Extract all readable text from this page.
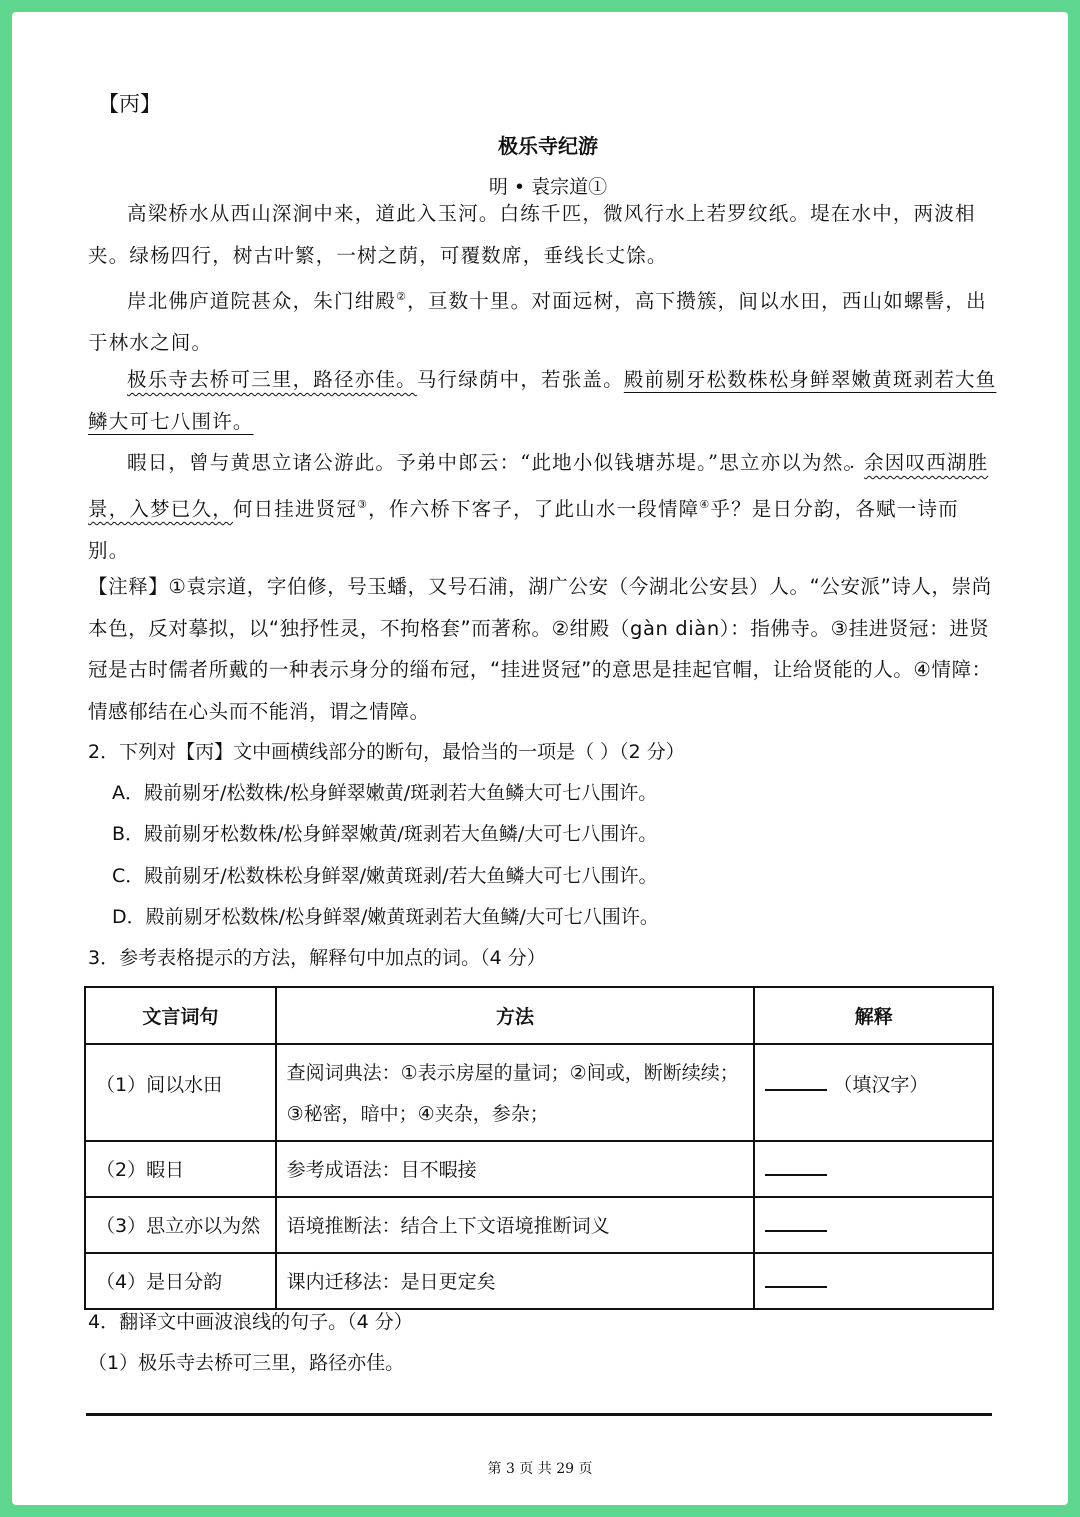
【丙】
极乐寺纪游
明 • 袁宗道①
高梁桥水从西山深涧中来，道此入玉河。白练千匹，微风行水上若罗纹纸。堤在水中，两波相夹。绿杨四行，树古叶繁，一树之荫，可覆数席，垂线长丈馀。
岸北佛庐道院甚众，朱门绀殿②，亘数十里。对面远树，高下攒簇，间 ·以水田，西山如螺髻，出于林水之间。
极乐寺去桥可三里，路径亦佳。马行绿荫中，若张盖。殿前剔牙松数株松身鲜翠嫩黄斑剥若大鱼鳞大可七八围许。
暇 ·日，曾与黄思立诸公游此。予弟中郎云：“此地小似钱塘苏堤。”思立亦以为然 ·。余因叹西湖胜景，入梦已久，何日挂进贤冠③，作六桥下客子，了此山水一段情障④乎？是日分 ·韵，各赋一诗而别。
【注释】①袁宗道，字伯修，号玉蟠，又号石浦，湖广公安（今湖北公安县）人。“公安派”诗人，崇尚本色，反对摹拟，以“独抒性灵，不拘格套”而著称。②绀殿（gàn diàn）：指佛寺。③挂进贤冠：进贤冠是古时儒者所戴的一种表示身分的缁布冠，“挂进贤冠”的意思是挂起官帽，让给贤能的人。④情障：情感郁结在心头而不能消，谓之情障。
2．下列对【丙】文中画横线部分的断句，最恰当的一项是（ ）（2 分）
A．殿前剔牙/松数株/松身鲜翠嫩黄/斑剥若大鱼鳞大可七八围许。
B．殿前剔牙松数株/松身鲜翠嫩黄/斑剥若大鱼鳞/大可七八围许。
C．殿前剔牙/松数株松身鲜翠/嫩黄斑剥/若大鱼鳞大可七八围许。
D．殿前剔牙松数株/松身鲜翠/嫩黄斑剥若大鱼鳞/大可七八围许。
3．参考表格提示的方法，解释句中加点的词。（4 分）
文言词句	方法	解释
（1）间 ·以水田	查阅词典法：①表示房屋的量词；②间或，断断续续；③秘密，暗中；④夹杂，参杂；	（填汉字）
（2）暇 ·日	参考成语法：目不暇 ·接	
（3）思立亦以为然 ·	语境推断法：结合上下文语境推断词义	
（4）是日分 ·韵	课内迁移法：是日更定 ·矣	
4．翻译文中画波浪线的句子。（4 分）
（1）极乐寺去桥可三里，路径亦佳。
第 3 页 共 29 页
